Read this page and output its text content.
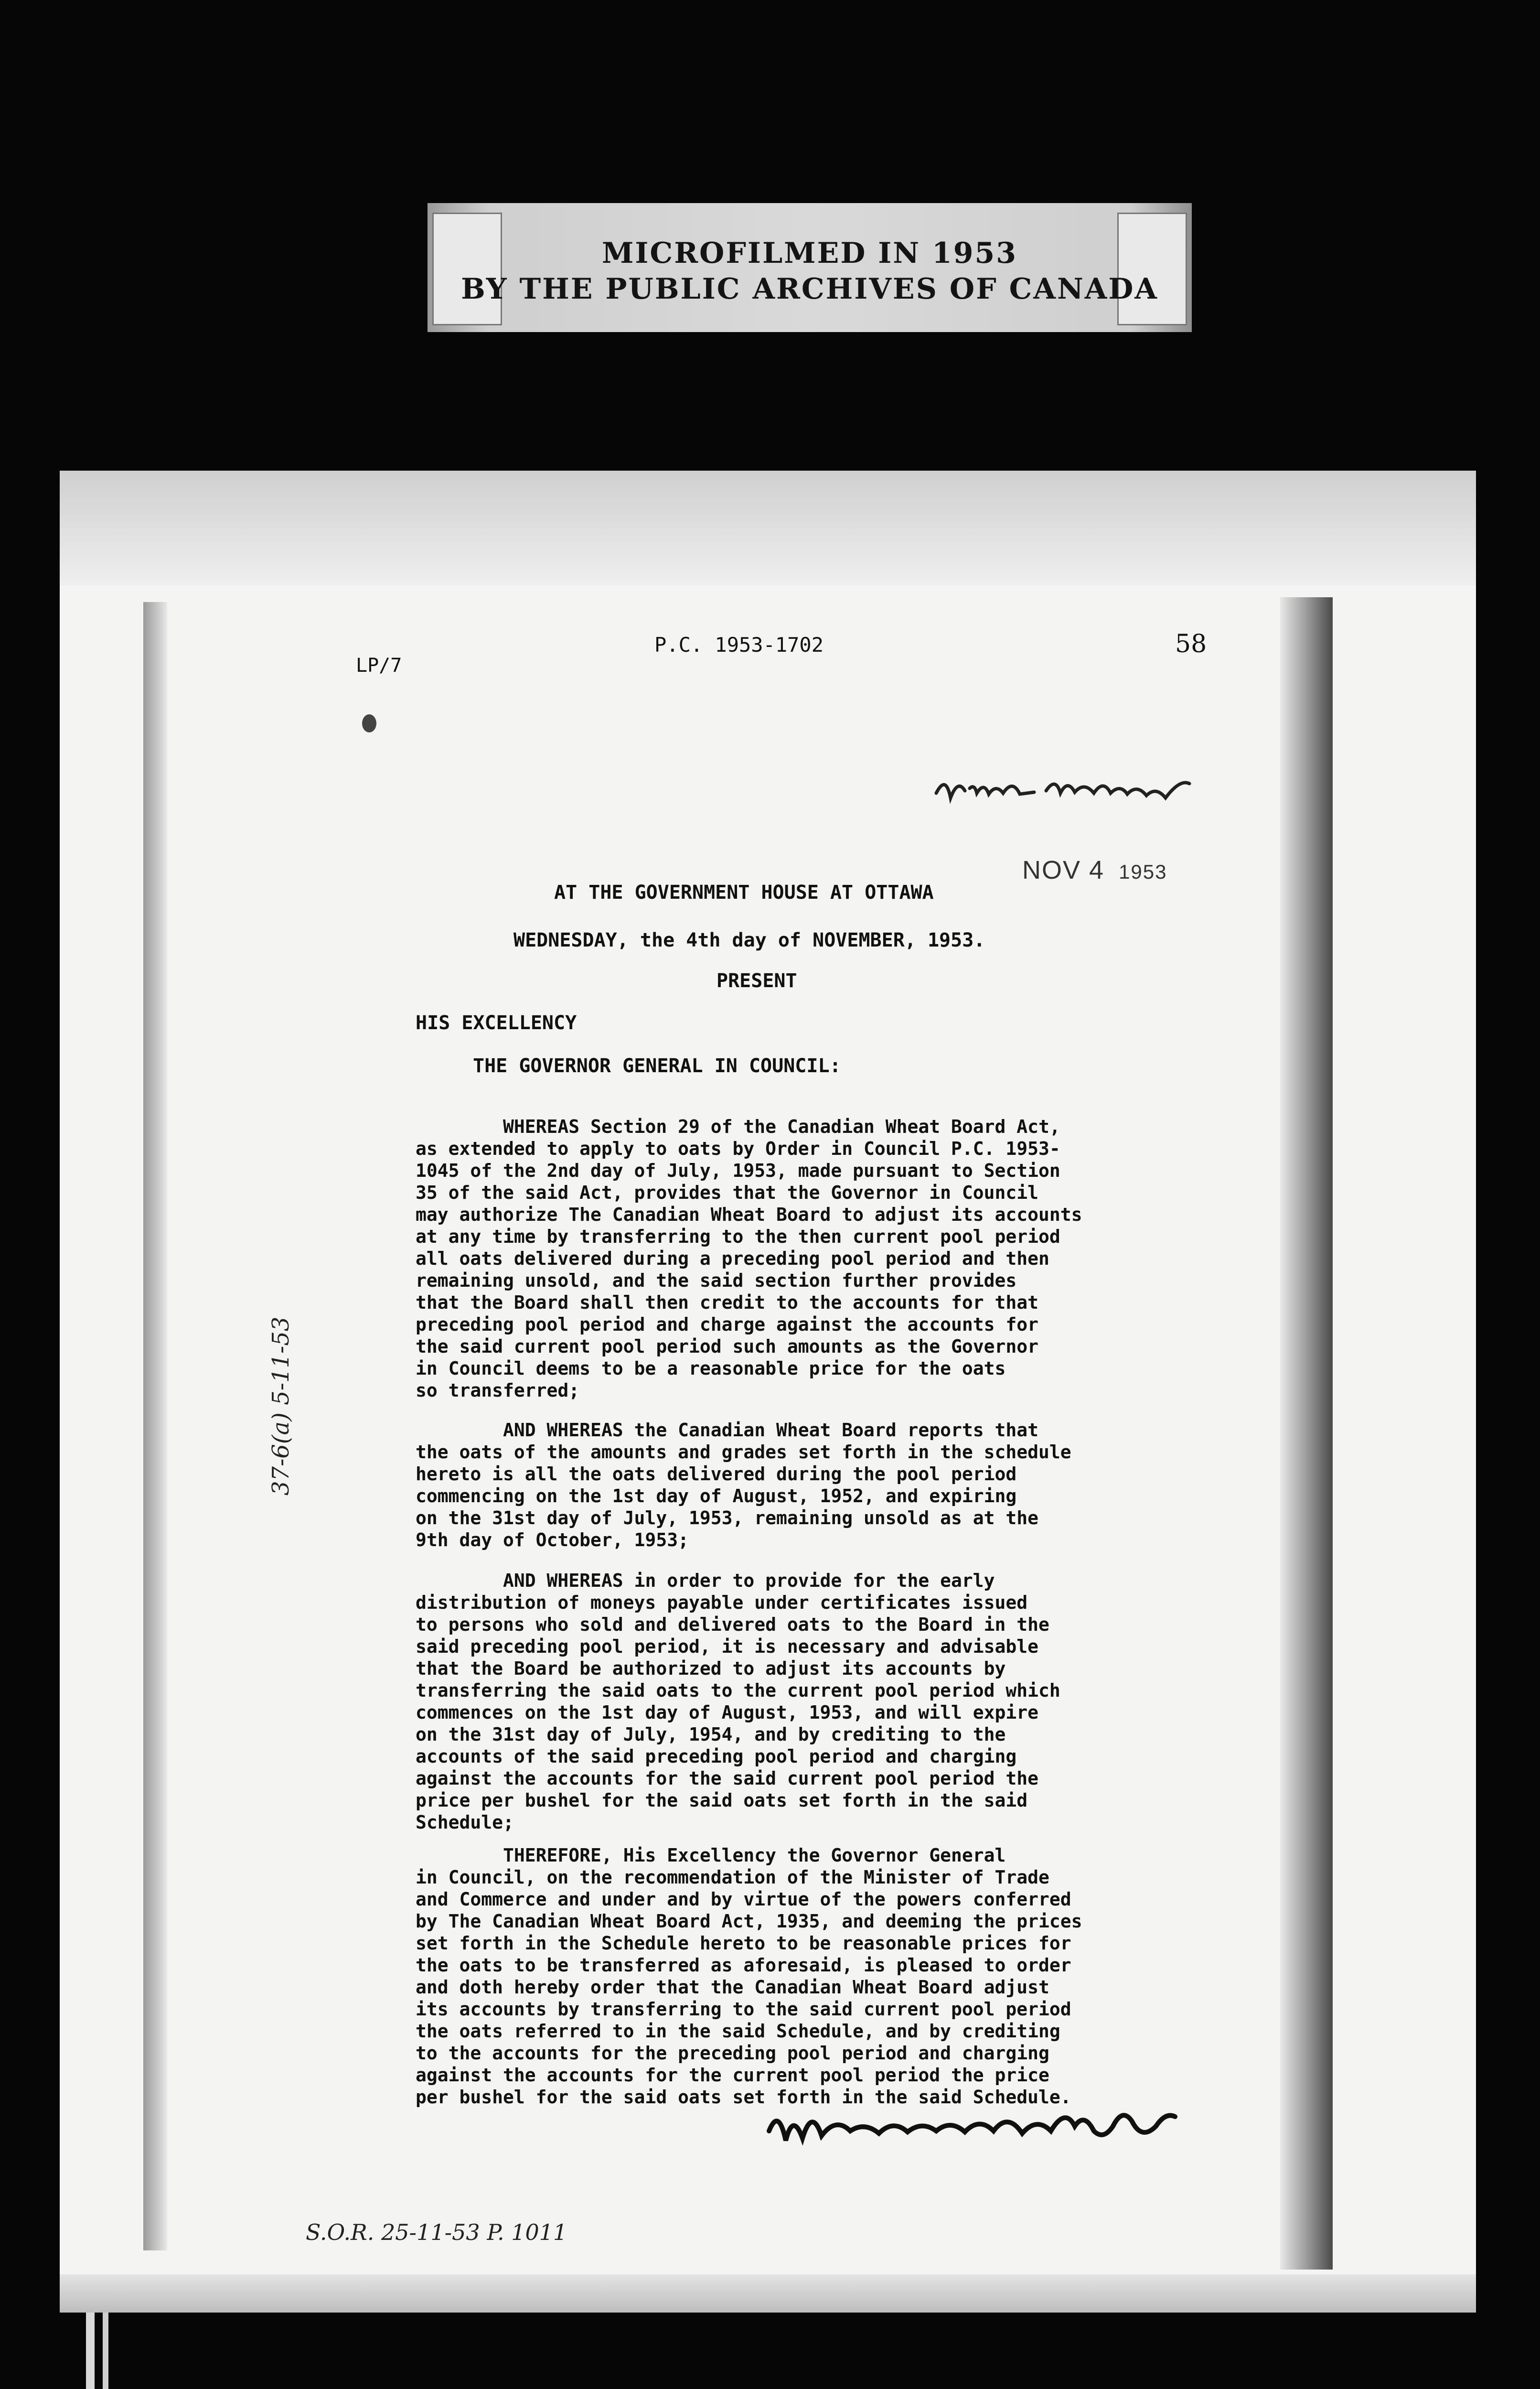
MICROFILMED IN 1953
BY THE PUBLIC ARCHIVES OF CANADA
LP/7
P.C. 1953-1702	58
NOV 4 1953
AT THE GOVERNMENT HOUSE AT OTTAWA
WEDNESDAY, the 4th day of NOVEMBER, 1953.
PRESENT
HIS EXCELLENCY
THE GOVERNOR GENERAL IN COUNCIL:
WHEREAS Section 29 of the Canadian Wheat Board Act,
as extended to apply to oats by Order in Council P.C. 1953-
1045 of the 2nd day of July, 1953, made pursuant to Section
35 of the said Act, provides that the Governor in Council
may authorize The Canadian Wheat Board to adjust its accounts
at any time by transferring to the then current pool period
all oats delivered during a preceding pool period and then
remaining unsold, and the said section further provides
that the Board shall then credit to the accounts for that
preceding pool period and charge against the accounts for
the said current pool period such amounts as the Governor
in Council deems to be a reasonable price for the oats
so transferred;
AND WHEREAS the Canadian Wheat Board reports that
the oats of the amounts and grades set forth in the schedule
hereto is all the oats delivered during the pool period
commencing on the 1st day of August, 1952, and expiring
on the 31st day of July, 1953, remaining unsold as at the
9th day of October, 1953;
AND WHEREAS in order to provide for the early
distribution of moneys payable under certificates issued
to persons who sold and delivered oats to the Board in the
said preceding pool period, it is necessary and advisable
that the Board be authorized to adjust its accounts by
transferring the said oats to the current pool period which
commences on the 1st day of August, 1953, and will expire
on the 31st day of July, 1954, and by crediting to the
accounts of the said preceding pool period and charging
against the accounts for the said current pool period the
price per bushel for the said oats set forth in the said
Schedule;
THEREFORE, His Excellency the Governor General
in Council, on the recommendation of the Minister of Trade
and Commerce and under and by virtue of the powers conferred
by The Canadian Wheat Board Act, 1935, and deeming the prices
set forth in the Schedule hereto to be reasonable prices for
the oats to be transferred as aforesaid, is pleased to order
and doth hereby order that the Canadian Wheat Board adjust
its accounts by transferring to the said current pool period
the oats referred to in the said Schedule, and by crediting
to the accounts for the preceding pool period and charging
against the accounts for the current pool period the price
per bushel for the said oats set forth in the said Schedule.
37-6(a) 5-11-53
S.O.R. 25-11-53 P. 1011
